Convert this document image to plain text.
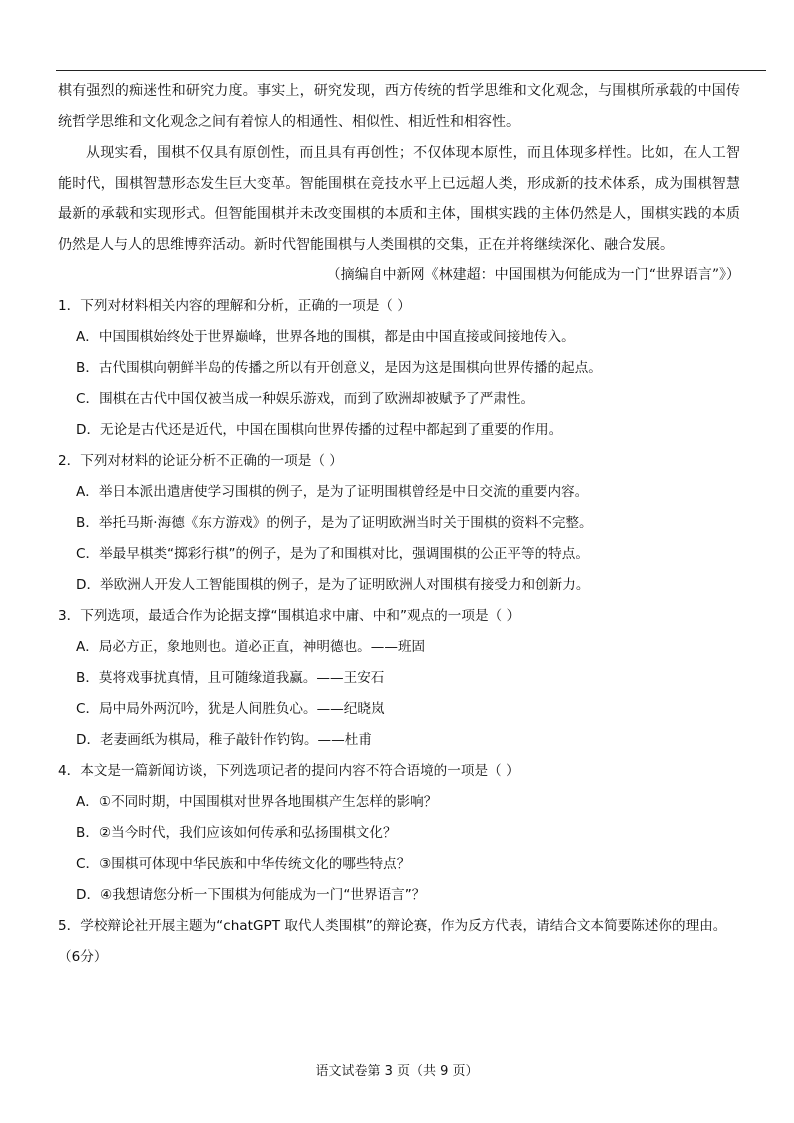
棋有强烈的痴迷性和研究力度。事实上，研究发现，西方传统的哲学思维和文化观念，与围棋所承载的中国传统哲学思维和文化观念之间有着惊人的相通性、相似性、相近性和相容性。

从现实看，围棋不仅具有原创性，而且具有再创性；不仅体现本原性，而且体现多样性。比如，在人工智能时代，围棋智慧形态发生巨大变革。智能围棋在竞技水平上已远超人类，形成新的技术体系，成为围棋智慧最新的承载和实现形式。但智能围棋并未改变围棋的本质和主体，围棋实践的主体仍然是人，围棋实践的本质仍然是人与人的思维博弈活动。新时代智能围棋与人类围棋的交集，正在并将继续深化、融合发展。

（摘编自中新网《林建超：中国围棋为何能成为一门“世界语言”》）

1．下列对材料相关内容的理解和分析，正确的一项是（ ）

A．中国围棋始终处于世界巅峰，世界各地的围棋，都是由中国直接或间接地传入。

B．古代围棋向朝鲜半岛的传播之所以有开创意义，是因为这是围棋向世界传播的起点。

C．围棋在古代中国仅被当成一种娱乐游戏，而到了欧洲却被赋予了严肃性。

D．无论是古代还是近代，中国在围棋向世界传播的过程中都起到了重要的作用。

2．下列对材料的论证分析不正确的一项是（ ）

A．举日本派出遣唐使学习围棋的例子，是为了证明围棋曾经是中日交流的重要内容。

B．举托马斯·海德《东方游戏》的例子，是为了证明欧洲当时关于围棋的资料不完整。

C．举最早棋类“掷彩行棋”的例子，是为了和围棋对比，强调围棋的公正平等的特点。

D．举欧洲人开发人工智能围棋的例子，是为了证明欧洲人对围棋有接受力和创新力。

3．下列选项，最适合作为论据支撑“围棋追求中庸、中和”观点的一项是（ ）

A．局必方正，象地则也。道必正直，神明德也。——班固

B．莫将戏事扰真情，且可随缘道我赢。——王安石

C．局中局外两沉吟，犹是人间胜负心。——纪晓岚

D．老妻画纸为棋局，稚子敲针作钓钩。——杜甫

4．本文是一篇新闻访谈，下列选项记者的提问内容不符合语境的一项是（ ）

A．①不同时期，中国围棋对世界各地围棋产生怎样的影响？

B．②当今时代，我们应该如何传承和弘扬围棋文化？

C．③围棋可体现中华民族和中华传统文化的哪些特点？

D．④我想请您分析一下围棋为何能成为一门“世界语言”？

5．学校辩论社开展主题为“chatGPT 取代人类围棋”的辩论赛，作为反方代表，请结合文本简要陈述你的理由。（6分）

语文试卷第 3 页（共 9 页）
